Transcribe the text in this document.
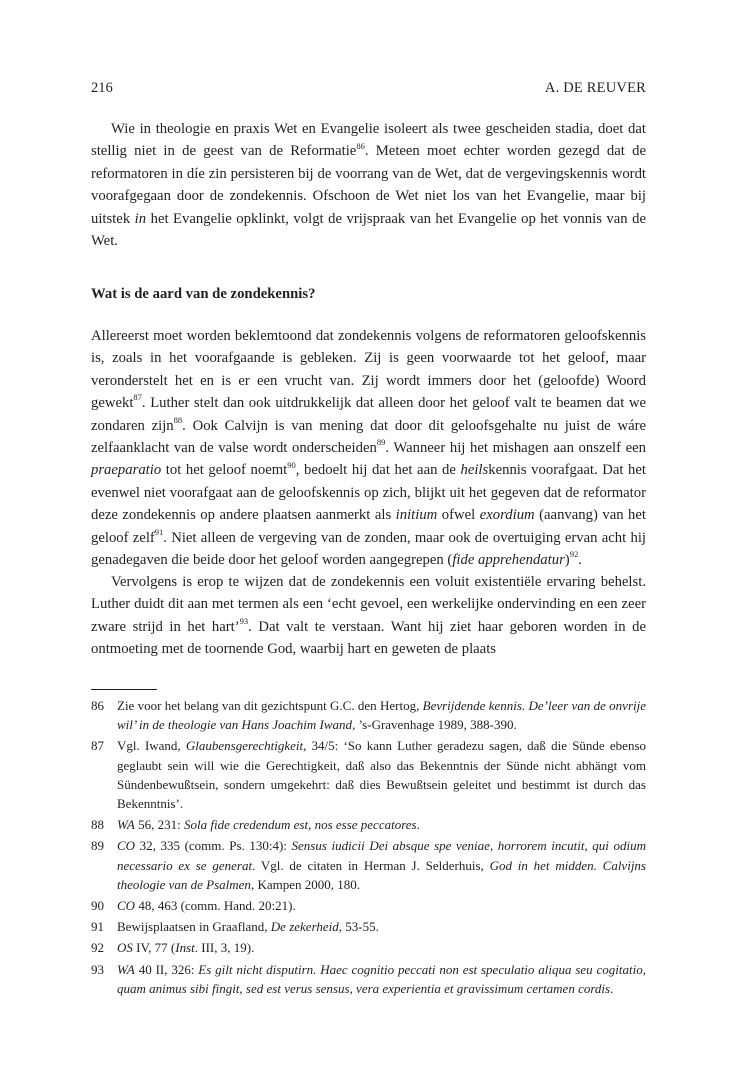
216	A. DE REUVER
Wie in theologie en praxis Wet en Evangelie isoleert als twee gescheiden stadia, doet dat stellig niet in de geest van de Reformatie$^{86}$. Meteen moet echter worden gezegd dat de reformatoren in díe zin persisteren bij de voorrang van de Wet, dat de vergevingskennis wordt voorafgegaan door de zondekennis. Ofschoon de Wet niet los van het Evangelie, maar bij uitstek in het Evangelie opklinkt, volgt de vrijspraak van het Evangelie op het vonnis van de Wet.
Wat is de aard van de zondekennis?
Allereerst moet worden beklemtoond dat zondekennis volgens de reformatoren geloofskennis is, zoals in het voorafgaande is gebleken. Zij is geen voorwaarde tot het geloof, maar veronderstelt het en is er een vrucht van. Zij wordt immers door het (geloofde) Woord gewekt$^{87}$. Luther stelt dan ook uitdrukkelijk dat alleen door het geloof valt te beamen dat we zondaren zijn$^{88}$. Ook Calvijn is van mening dat door dit geloofsgehalte nu juist de wáre zelfaanklacht van de valse wordt onderscheiden$^{89}$. Wanneer hij het mishagen aan onszelf een praeparatio tot het geloof noemt$^{90}$, bedoelt hij dat het aan de heilskennis voorafgaat. Dat het evenwel niet voorafgaat aan de geloofskennis op zich, blijkt uit het gegeven dat de reformator deze zondekennis op andere plaatsen aanmerkt als initium ofwel exordium (aanvang) van het geloof zelf$^{91}$. Niet alleen de vergeving van de zonden, maar ook de overtuiging ervan acht hij genadegaven die beide door het geloof worden aangegrepen (fide apprehendatur)$^{92}$.
Vervolgens is erop te wijzen dat de zondekennis een voluit existentiële ervaring behelst. Luther duidt dit aan met termen als een ‘echt gevoel, een werkelijke ondervinding en een zeer zware strijd in het hart’$^{93}$. Dat valt te verstaan. Want hij ziet haar geboren worden in de ontmoeting met de toornende God, waarbij hart en geweten de plaats
86 Zie voor het belang van dit gezichtspunt G.C. den Hertog, Bevrijdende kennis. De’leer van de onvrije wil’ in de theologie van Hans Joachim Iwand, ’s-Gravenhage 1989, 388-390.
87 Vgl. Iwand, Glaubensgerechtigkeit, 34/5: ‘So kann Luther geradezu sagen, daß die Sünde ebenso geglaubt sein will wie die Gerechtigkeit, daß also das Bekenntnis der Sünde nicht abhängt vom Sündenbewußtsein, sondern umgekehrt: daß dies Bewußtsein geleitet und bestimmt ist durch das Bekenntnis’.
88 WA 56, 231: Sola fide credendum est, nos esse peccatores.
89 CO 32, 335 (comm. Ps. 130:4): Sensus iudicii Dei absque spe veniae, horrorem incutit, qui odium necessario ex se generat. Vgl. de citaten in Herman J. Selderhuis, God in het midden. Calvijns theologie van de Psalmen, Kampen 2000, 180.
90 CO 48, 463 (comm. Hand. 20:21).
91 Bewijsplaatsen in Graafland, De zekerheid, 53-55.
92 OS IV, 77 (Inst. III, 3, 19).
93 WA 40 II, 326: Es gilt nicht disputirn. Haec cognitio peccati non est speculatio aliqua seu cogitatio, quam animus sibi fingit, sed est verus sensus, vera experientia et gravissimum certamen cordis.
